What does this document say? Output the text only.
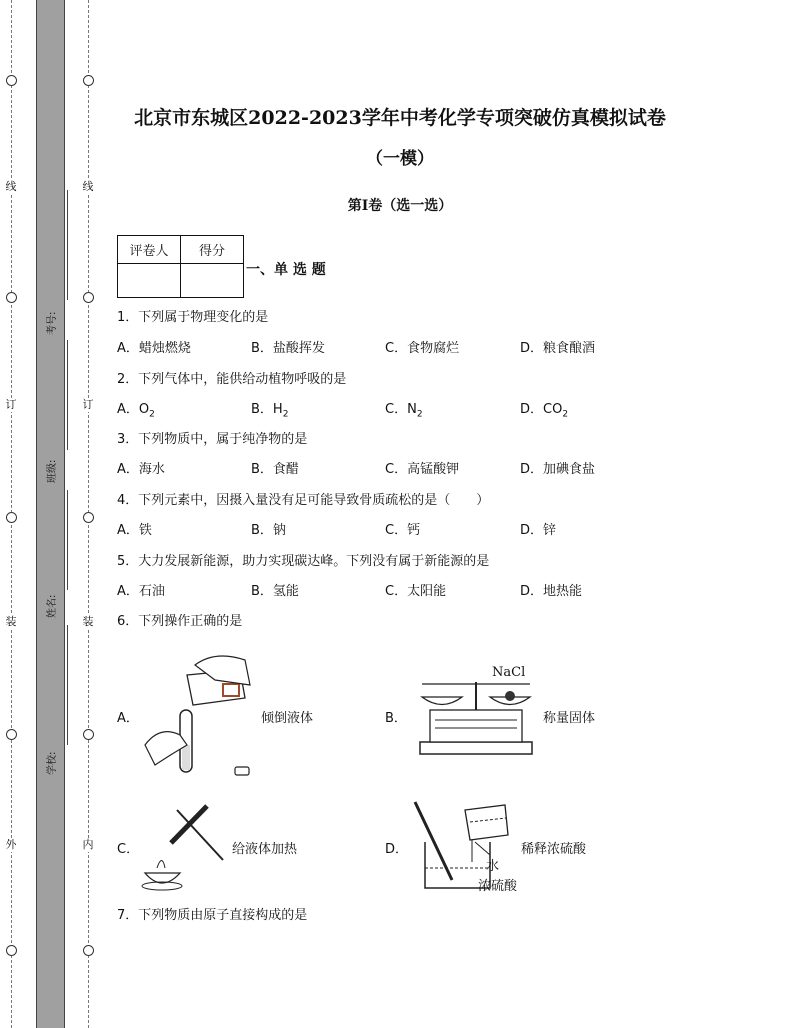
线
订
装
外
线
订
装
内
考号:
班级:
姓名:
学校:
北京市东城区2022-2023学年中考化学专项突破仿真模拟试卷
（一模）
第I卷（选一选）
评卷人	得分

一、单 选 题
1．下列属于物理变化的是
A．蜡烛燃烧	B．盐酸挥发	C．食物腐烂	D．粮食酿酒
2．下列气体中，能供给动植物呼吸的是
A．$O_2$	B．$H_2$	C．$N_2$	D．$CO_2$
3．下列物质中，属于纯净物的是
A．海水	B．食醋	C．高锰酸钾	D．加碘食盐
4．下列元素中，因摄入量没有足可能导致骨质疏松的是（　　）
A．铁	B．钠	C．钙	D．锌
5．大力发展新能源，助力实现碳达峰。下列没有属于新能源的是
A．石油	B．氢能	C．太阳能	D．地热能
6．下列操作正确的是
A．	倾倒液体	B．
NaCl
称量固体
C．	给液体加热	D．
水
浓硫酸
稀释浓硫酸
7．下列物质由原子直接构成的是
